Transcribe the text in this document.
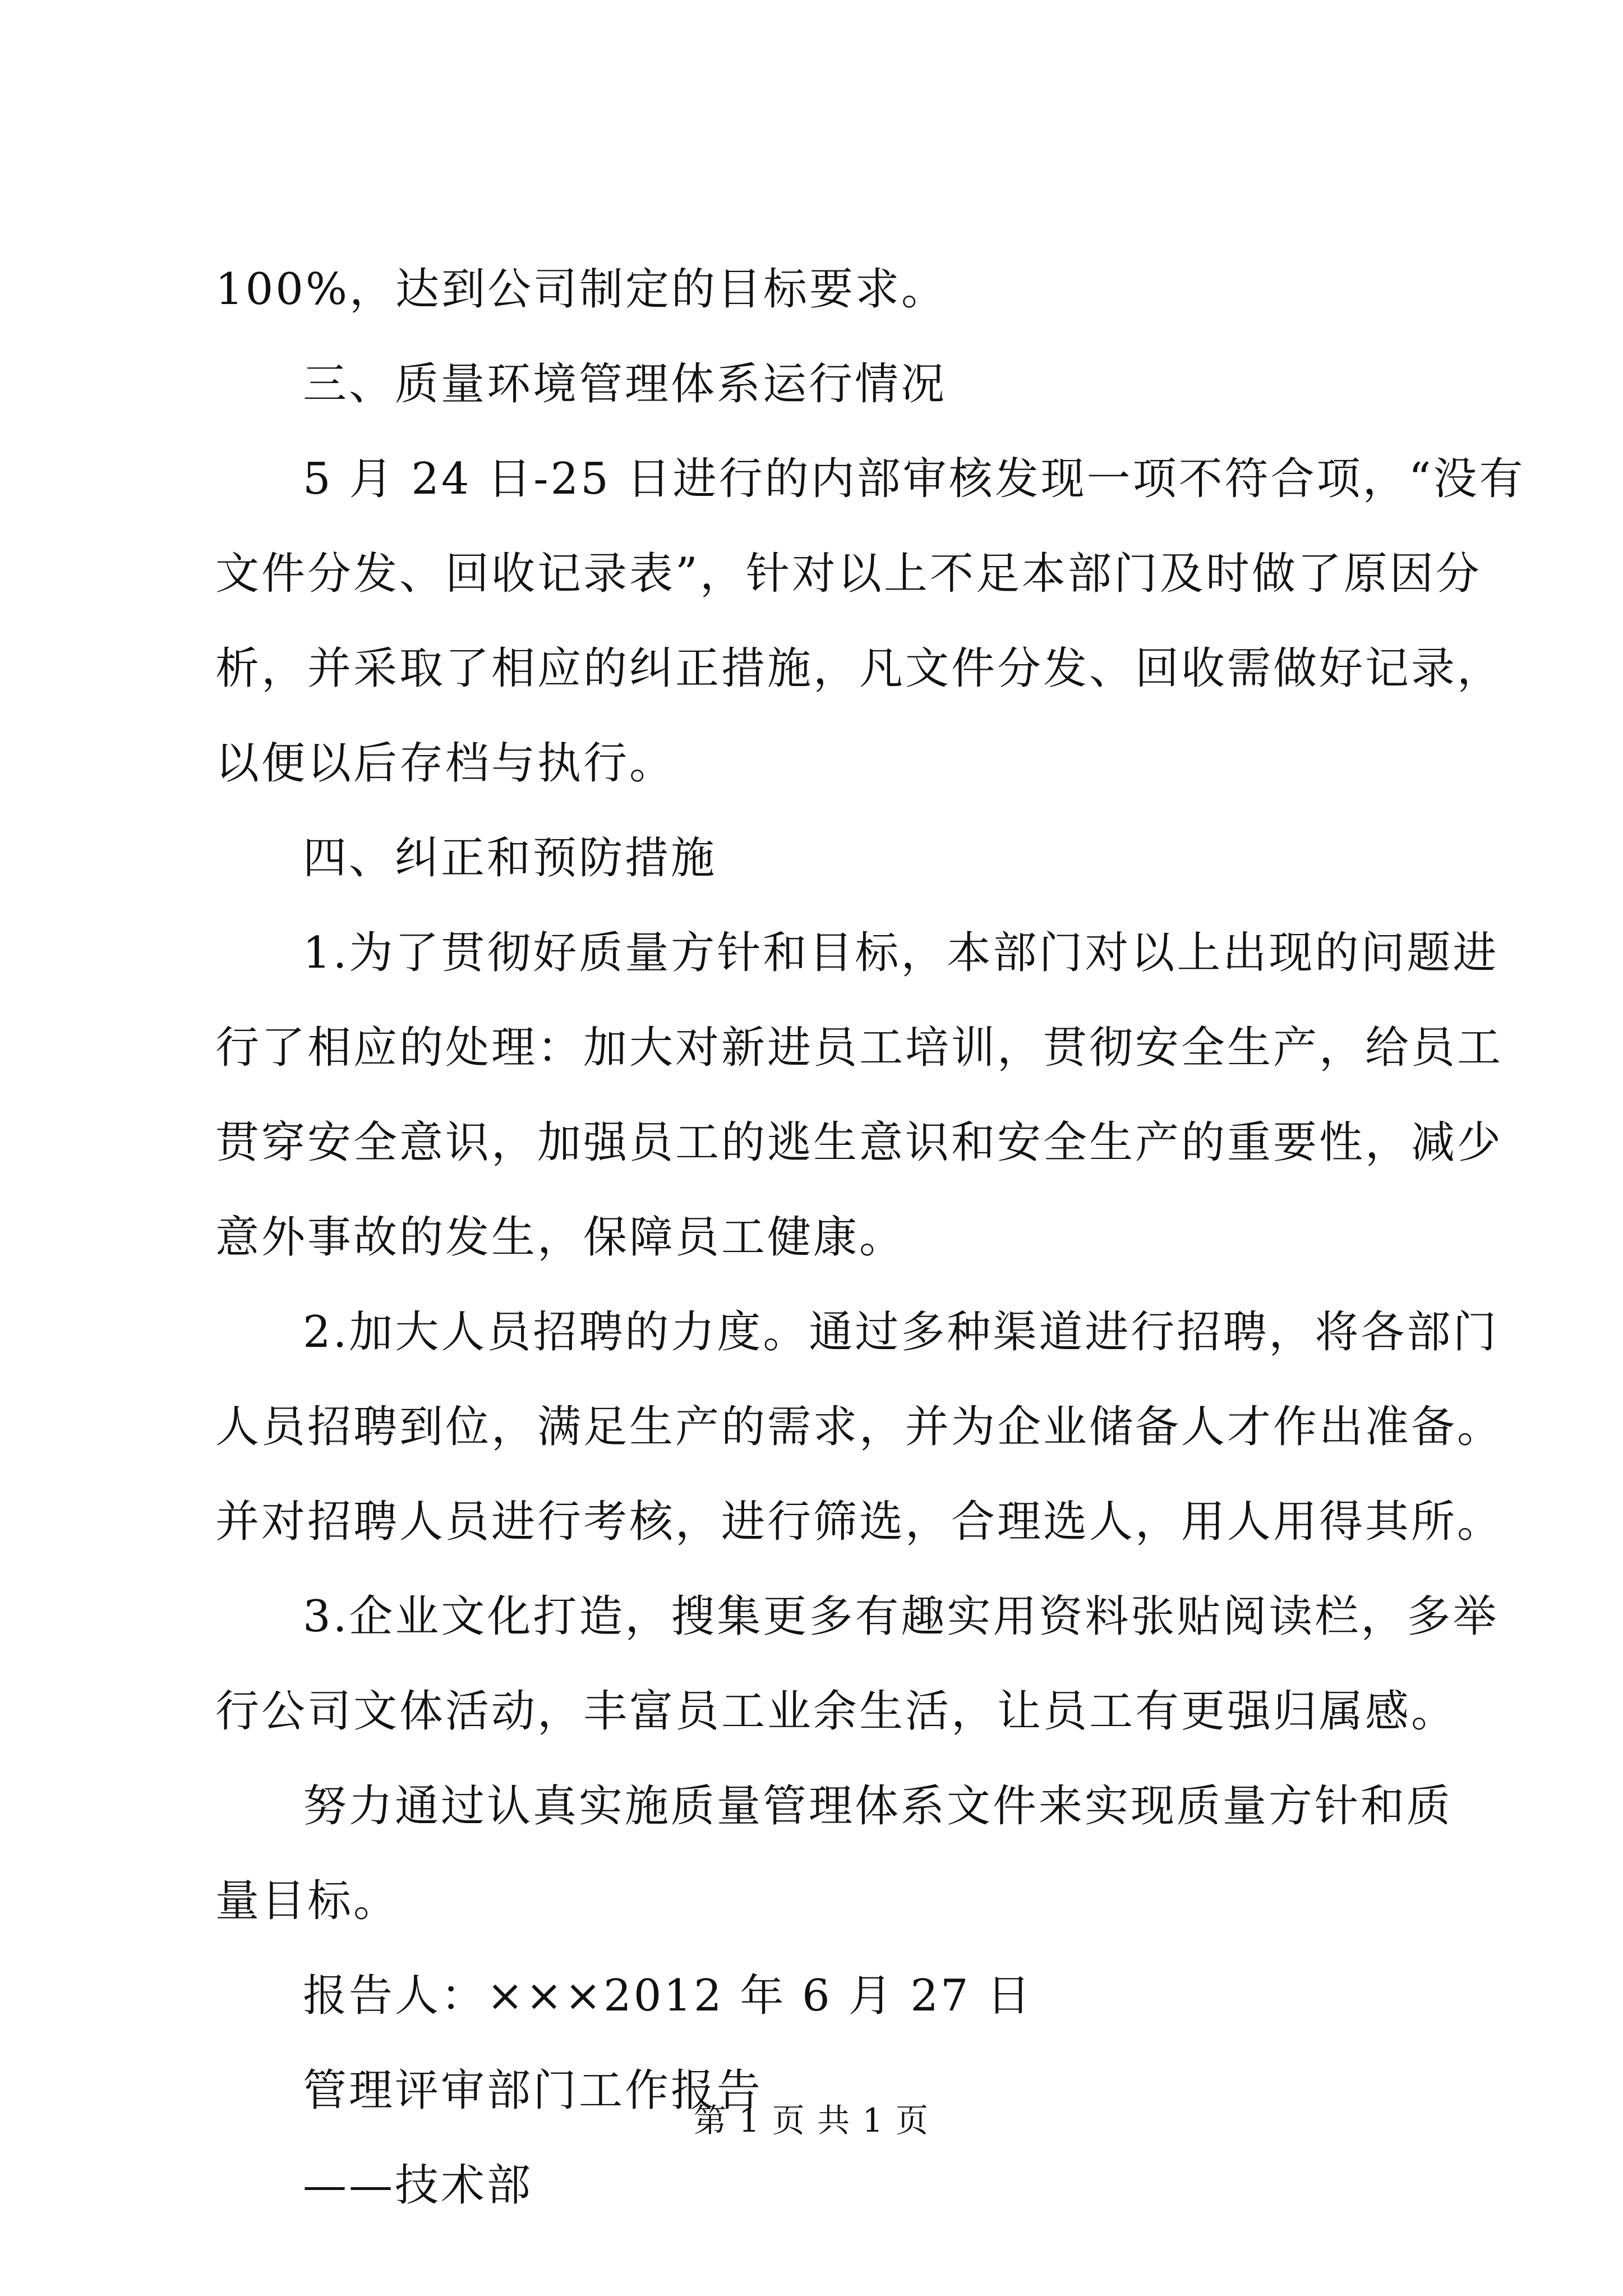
100%，达到公司制定的目标要求。
三、质量环境管理体系运行情况
5 月 24 日-25 日进行的内部审核发现一项不符合项，“没有
文件分发、回收记录表”，针对以上不足本部门及时做了原因分
析，并采取了相应的纠正措施，凡文件分发、回收需做好记录，
以便以后存档与执行。
四、纠正和预防措施
1.为了贯彻好质量方针和目标，本部门对以上出现的问题进
行了相应的处理：加大对新进员工培训，贯彻安全生产，给员工
贯穿安全意识，加强员工的逃生意识和安全生产的重要性，减少
意外事故的发生，保障员工健康。
2.加大人员招聘的力度。通过多种渠道进行招聘，将各部门
人员招聘到位，满足生产的需求，并为企业储备人才作出准备。
并对招聘人员进行考核，进行筛选，合理选人，用人用得其所。
3.企业文化打造，搜集更多有趣实用资料张贴阅读栏，多举
行公司文体活动，丰富员工业余生活，让员工有更强归属感。
努力通过认真实施质量管理体系文件来实现质量方针和质
量目标。
报告人：×××2012 年 6 月 27 日
管理评审部门工作报告
——技术部
第 1 页 共 1 页
